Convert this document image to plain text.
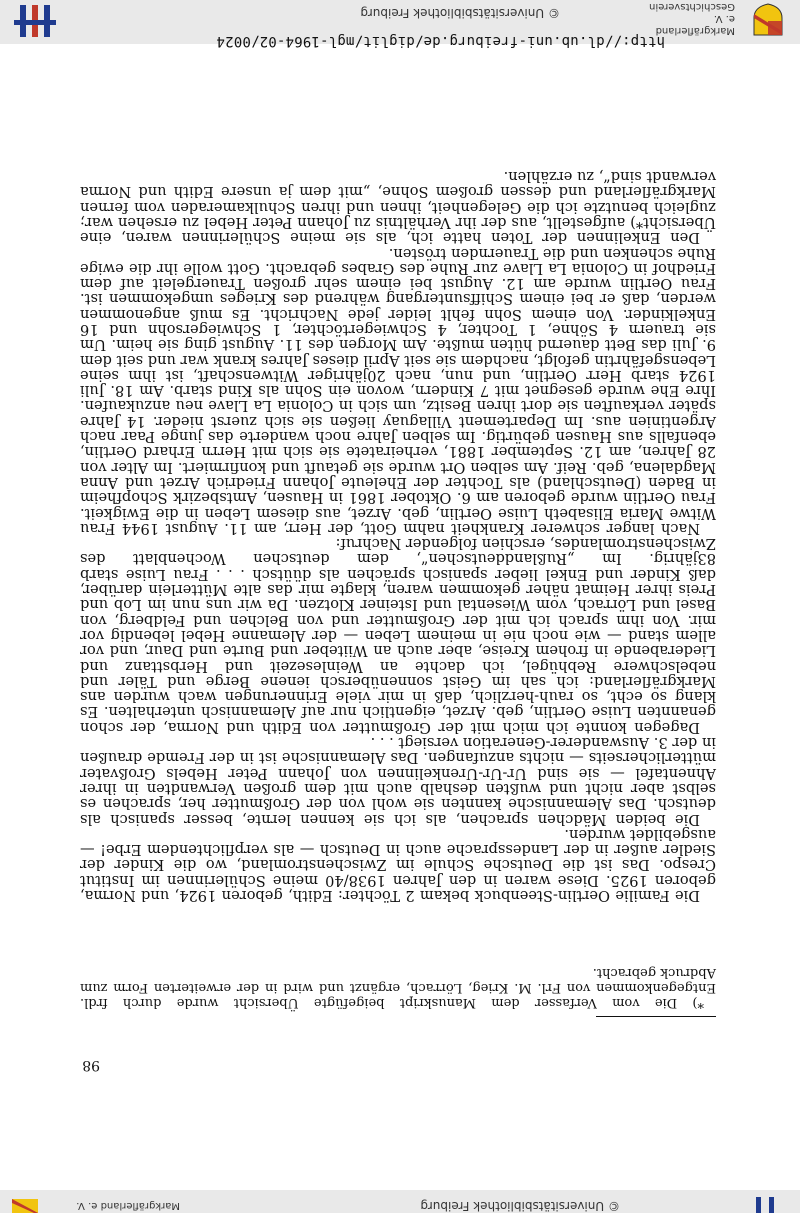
http://dl.ub.uni-freiburg.de/diglit/mgl-1964-02/0024
© Universitätsbibliothek Freiburg
Markgräflerland e. V. Geschichtsverein
© Universitätsbibliothek Freiburg
Markgräflerland e. V.
98

Die Familie Oertlin-Steenbuck bekam 2 Töchter: Edith, geboren 1924, und Norma, geboren 1925. Diese waren in den Jahren 1938/40 meine Schülerinnen im Institut Crespo. Das ist die Deutsche Schule im Zwischenstromland, wo die Kinder der Siedler außer in der Landessprache auch in Deutsch — als verpflichtendem Erbe! — ausgebildet wurden.

Die beiden Mädchen sprachen, als ich sie kennen lernte, besser spanisch als deutsch. Das Alemannische kannten sie wohl von der Großmutter her, sprachen es selbst aber nicht und wußten deshalb auch mit dem großen Verwandten in ihrer Ahnentafel — sie sind Ur-Ur-Urenkelinnen von Johann Peter Hebels Großvater mütterlicherseits — nichts anzufangen. Das Alemannische ist in der Fremde draußen in der 3. Auswanderer-Generation versiegt . . .

Dagegen konnte ich mich mit der Großmutter von Edith und Norma, der schon genannten Luise Oertlin, geb. Arzet, eigentlich nur auf Alemannisch unterhalten. Es klang so echt, so rauh-herzlich, daß in mir viele Erinnerungen wach wurden ans Markgräflerland: ich sah im Geist sonnenübersch ienene Berge und Täler und nebelschwere Rebhügel, ich dachte an Weinlesezeit und Herbsttanz und Liederabende in frohem Kreise, aber auch an Wiiteber und Burte und Daur, und vor allem stand — wie noch nie in meinem Leben — der Alemanne Hebel lebendig vor mir. Von ihm sprach ich mit der Großmutter und von Belchen und Feldberg, von Basel und Lörrach, vom Wiesental und Isteiner Klotzen. Da wir uns nun im Lob und Preis ihrer Heimat näher gekommen waren, klagte mir das alte Mütterlein darüber, daß Kinder und Enkel lieber spanisch sprächen als düütsch . . . Frau Luise starb 83jährig. Im „Rußlanddeutschen“, dem deutschen Wochenblatt des Zwischenstromlandes, erschien folgender Nachruf:

Nach langer schwerer Krankheit nahm Gott, der Herr, am 11. August 1944 Frau Witwe Maria Elisabeth Luise Oertlin, geb. Arzet, aus diesem Leben in die Ewigkeit. Frau Oertlin wurde geboren am 6. Oktober 1861 in Hausen, Amtsbezirk Schopfheim in Baden (Deutschland) als Tochter der Eheleute Johann Friedrich Arzet und Anna Magdalena, geb. Reif. Am selben Ort wurde sie getauft und konfirmiert. Im Alter von 28 Jahren, am 12. September 1881, verheiratete sie sich mit Herrn Erhard Oertlin, ebenfalls aus Hausen gebürtig. Im selben Jahre noch wanderte das junge Paar nach Argentinien aus. Im Departement Villaguay ließen sie sich zuerst nieder. 14 Jahre später verkauften sie dort ihren Besitz, um sich in Colonia La Llave neu anzukaufen. Ihre Ehe wurde gesegnet mit 7 Kindern, wovon ein Sohn als Kind starb. Am 18. Juli 1924 starb Herr Oertlin, und nun, nach 20jähriger Witwenschaft, ist ihm seine Lebensgefährtin gefolgt, nachdem sie seit April dieses Jahres krank war und seit dem 9. Juli das Bett dauernd hüten mußte. Am Morgen des 11. August ging sie heim. Um sie trauern 4 Söhne, 1 Tochter, 4 Schwiegertöchter, 1 Schwiegersohn und 16 Enkelkinder. Von einem Sohn fehlt leider jede Nachricht. Es muß angenommen werden, daß er bei einem Schiffsuntergang während des Krieges umgekommen ist. Frau Oertlin wurde am 12. August bei einem sehr großen Trauergeleit auf dem Friedhof in Colonia La Llave zur Ruhe des Grabes gebracht. Gott wolle ihr die ewige Ruhe schenken und die Trauernden trösten.

Den Enkelinnen der Toten hatte ich, als sie meine Schülerinnen waren, eine Übersicht*) aufgestellt, aus der ihr Verhältnis zu Johann Peter Hebel zu ersehen war; zugleich benutzte ich die Gelegenheit, ihnen und ihren Schulkameraden vom fernen Markgräflerland und dessen großem Sohne, „mit dem ja unsere Edith und Norma verwandt sind“, zu erzählen.

*) Die vom Verfasser dem Manuskript beigefügte Übersicht wurde durch frdl. Entgegenkommen von Frl. M. Krieg, Lörrach, ergänzt und wird in der erweiterten Form zum Abdruck gebracht.
